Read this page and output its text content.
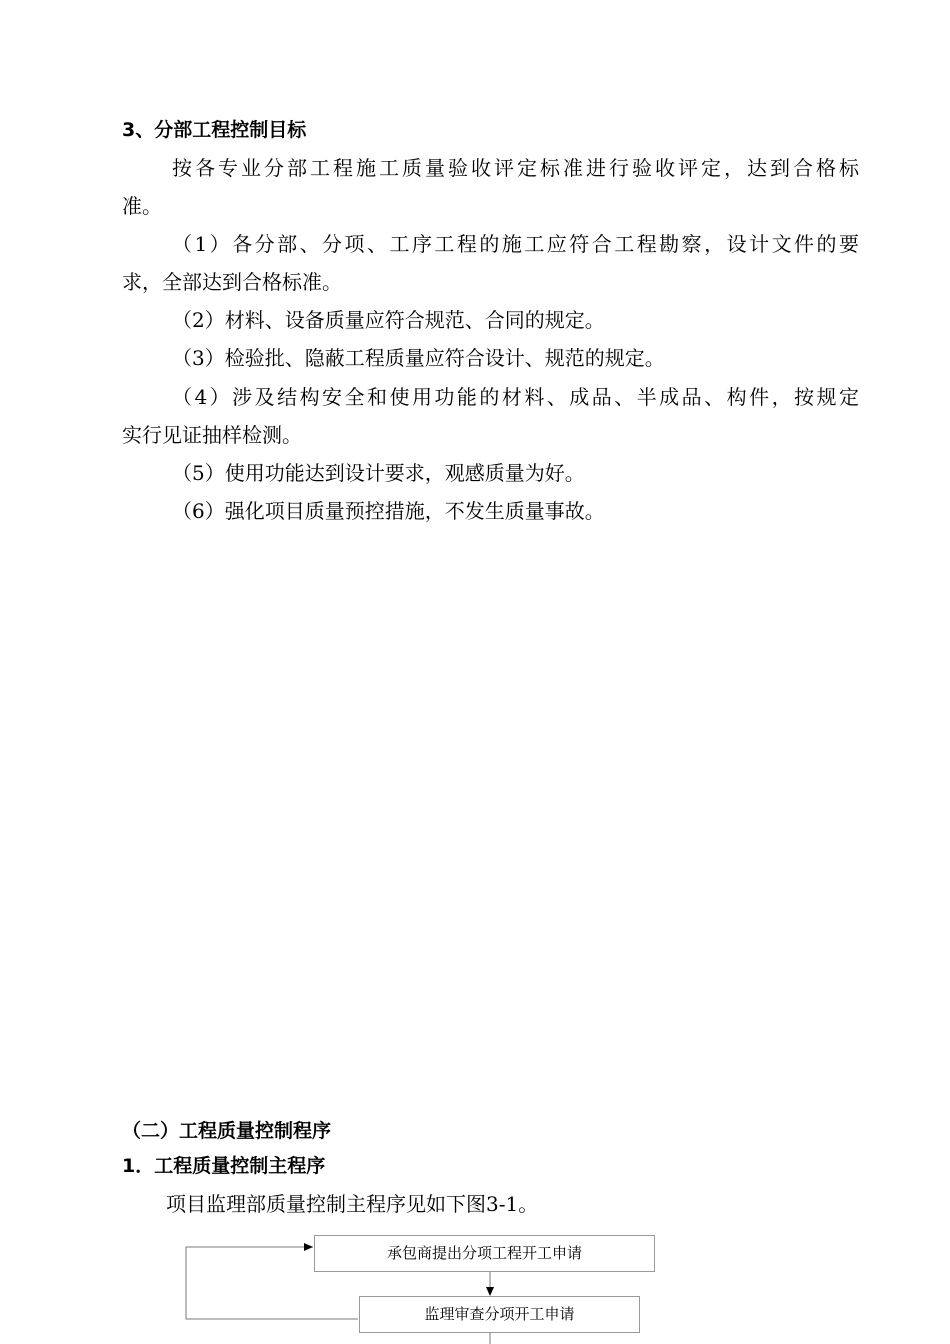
3、分部工程控制目标
按各专业分部工程施工质量验收评定标准进行验收评定，达到合格标
准。
（1）各分部、分项、工序工程的施工应符合工程勘察，设计文件的要
求，全部达到合格标准。
（2）材料、设备质量应符合规范、合同的规定。
（3）检验批、隐蔽工程质量应符合设计、规范的规定。
（4）涉及结构安全和使用功能的材料、成品、半成品、构件，按规定
实行见证抽样检测。
（5）使用功能达到设计要求，观感质量为好。
（6）强化项目质量预控措施，不发生质量事故。
（二）工程质量控制程序
1．工程质量控制主程序
项目监理部质量控制主程序见如下图3-1。
承包商提出分项工程开工申请
监理审查分项开工申请
